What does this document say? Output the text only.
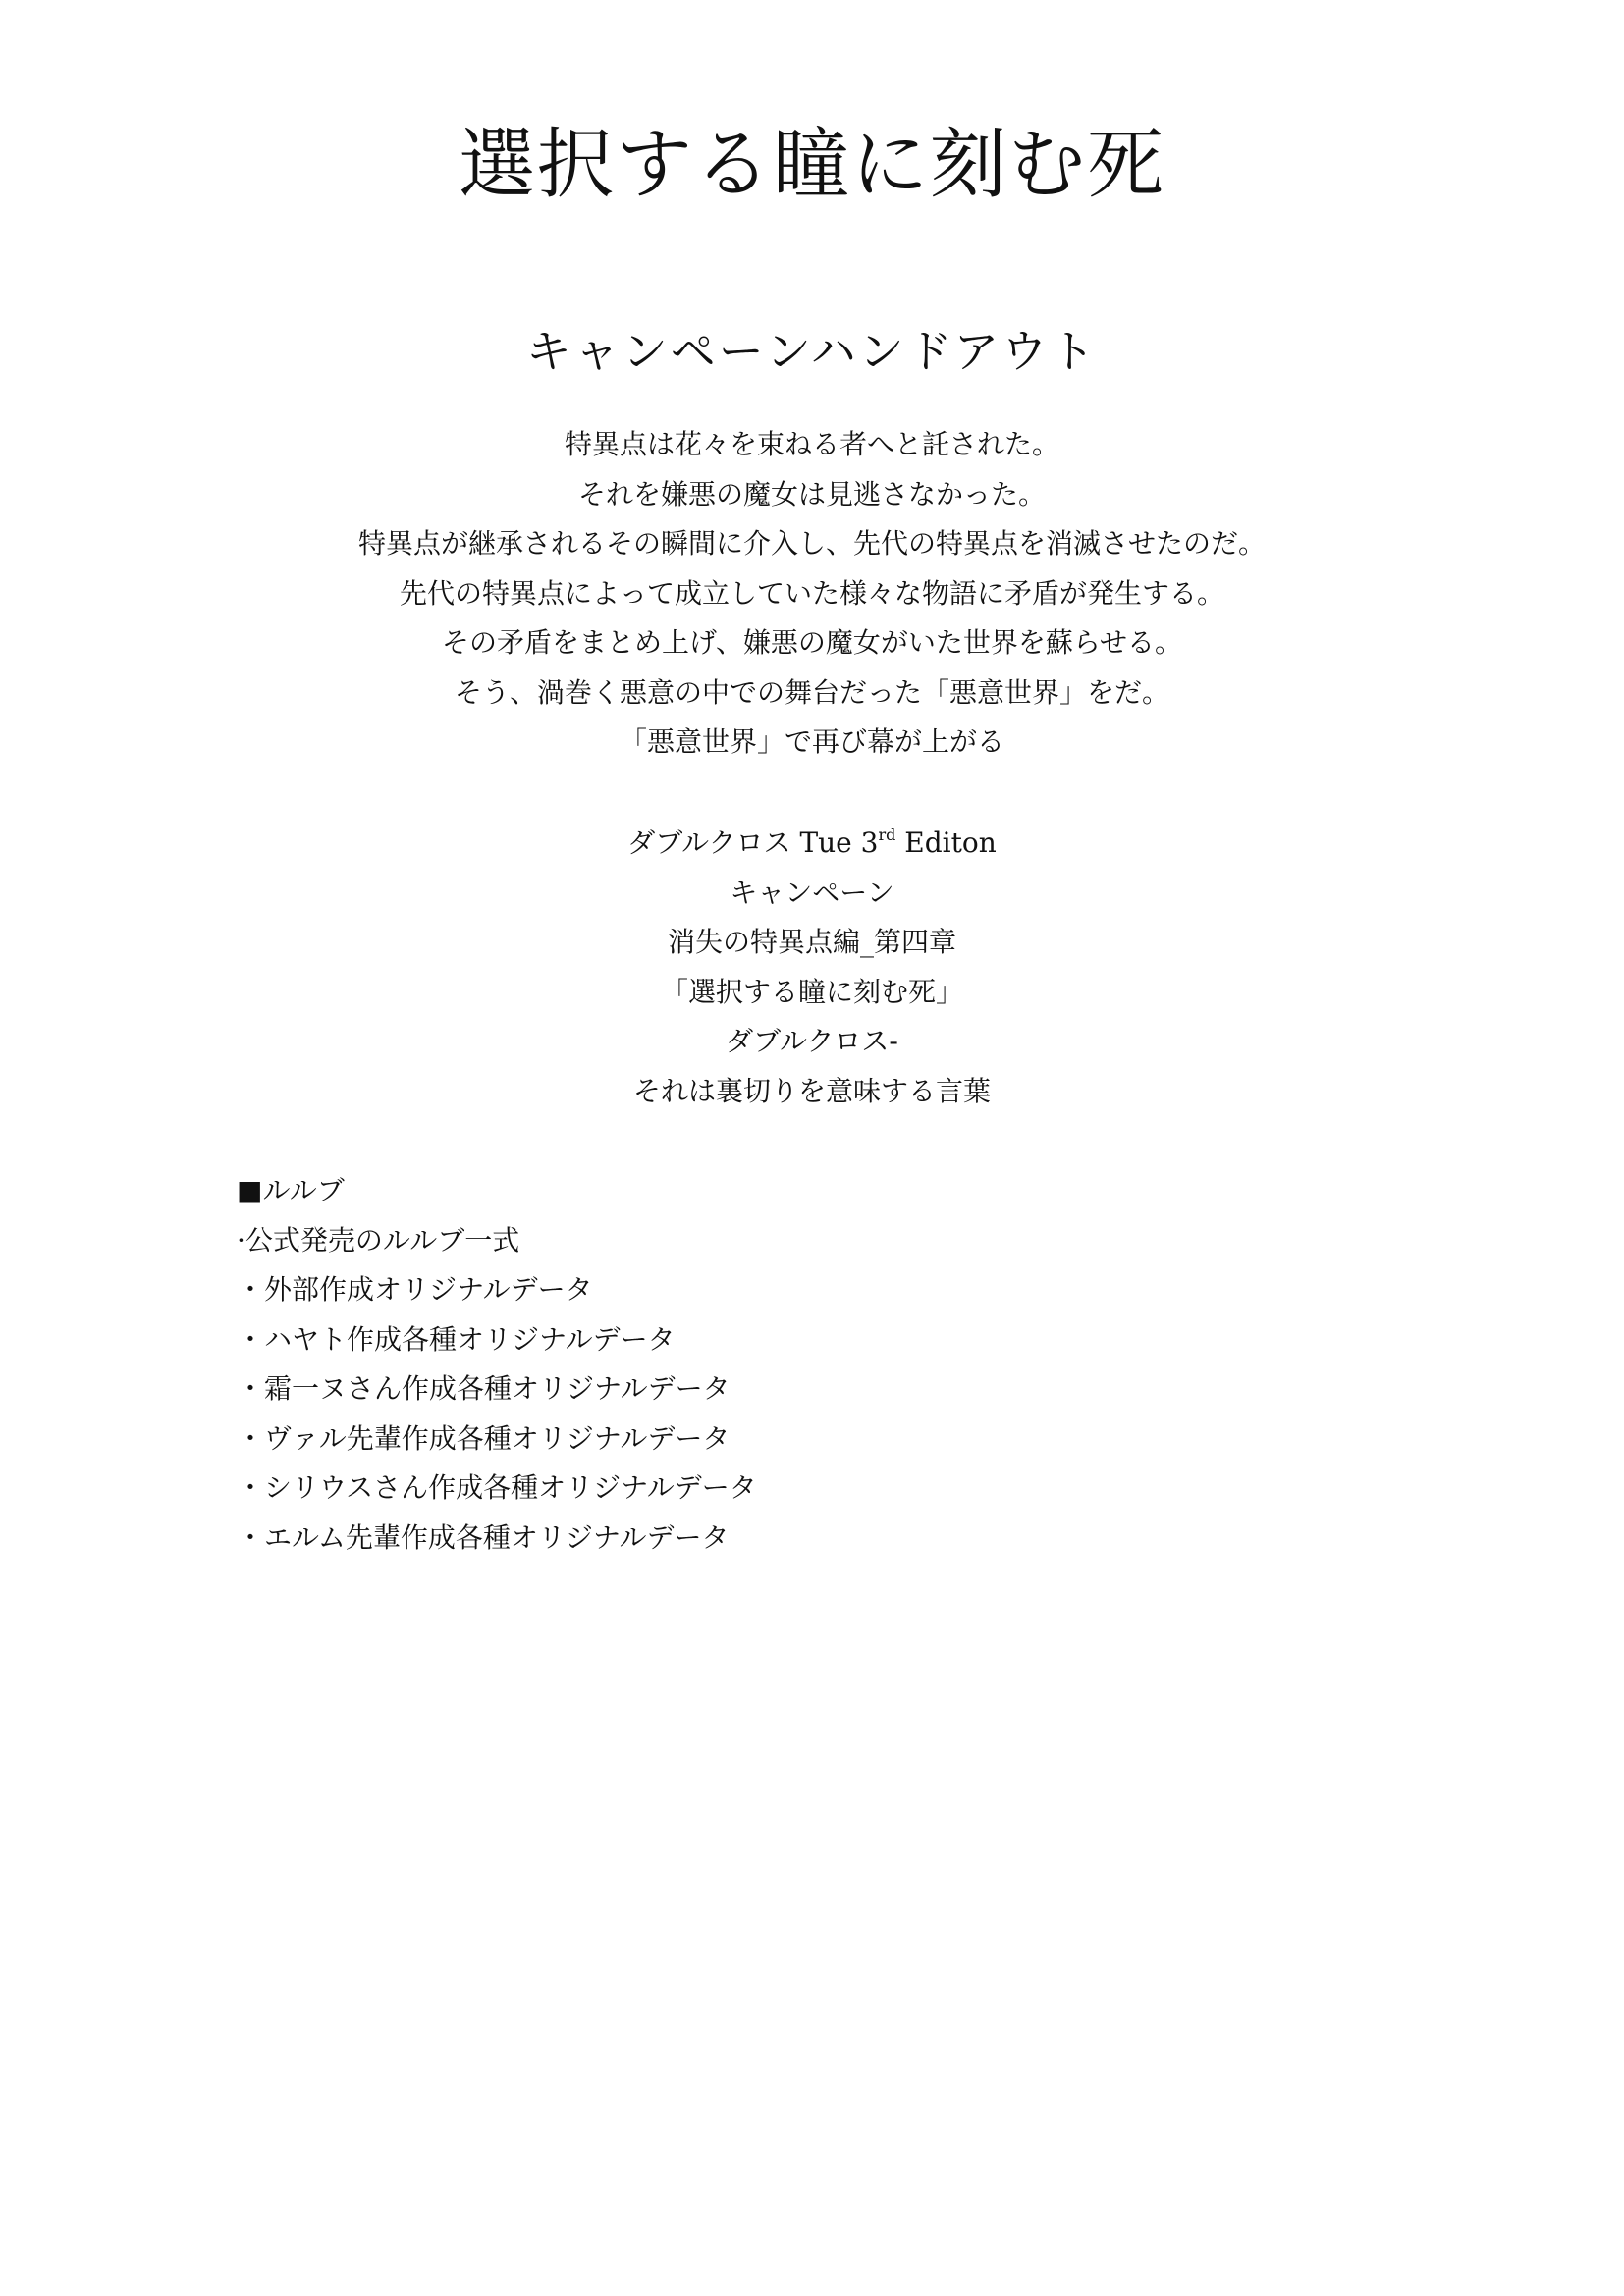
選択する瞳に刻む死
キャンペーンハンドアウト

特異点は花々を束ねる者へと託された。

それを嫌悪の魔女は見逃さなかった。

特異点が継承されるその瞬間に介入し、先代の特異点を消滅させたのだ。

先代の特異点によって成立していた様々な物語に矛盾が発生する。

その矛盾をまとめ上げ、嫌悪の魔女がいた世界を蘇らせる。

そう、渦巻く悪意の中での舞台だった「悪意世界」をだ。

「悪意世界」で再び幕が上がる

ダブルクロス Tue 3rd Editon

キャンペーン

消失の特異点編_第四章

「選択する瞳に刻む死」

ダブルクロス-

それは裏切りを意味する言葉

■ルルブ

·公式発売のルルブ一式

・外部作成オリジナルデータ

・ハヤト作成各種オリジナルデータ

・霜一ヌさん作成各種オリジナルデータ

・ヴァル先輩作成各種オリジナルデータ

・シリウスさん作成各種オリジナルデータ

・エルム先輩作成各種オリジナルデータ
